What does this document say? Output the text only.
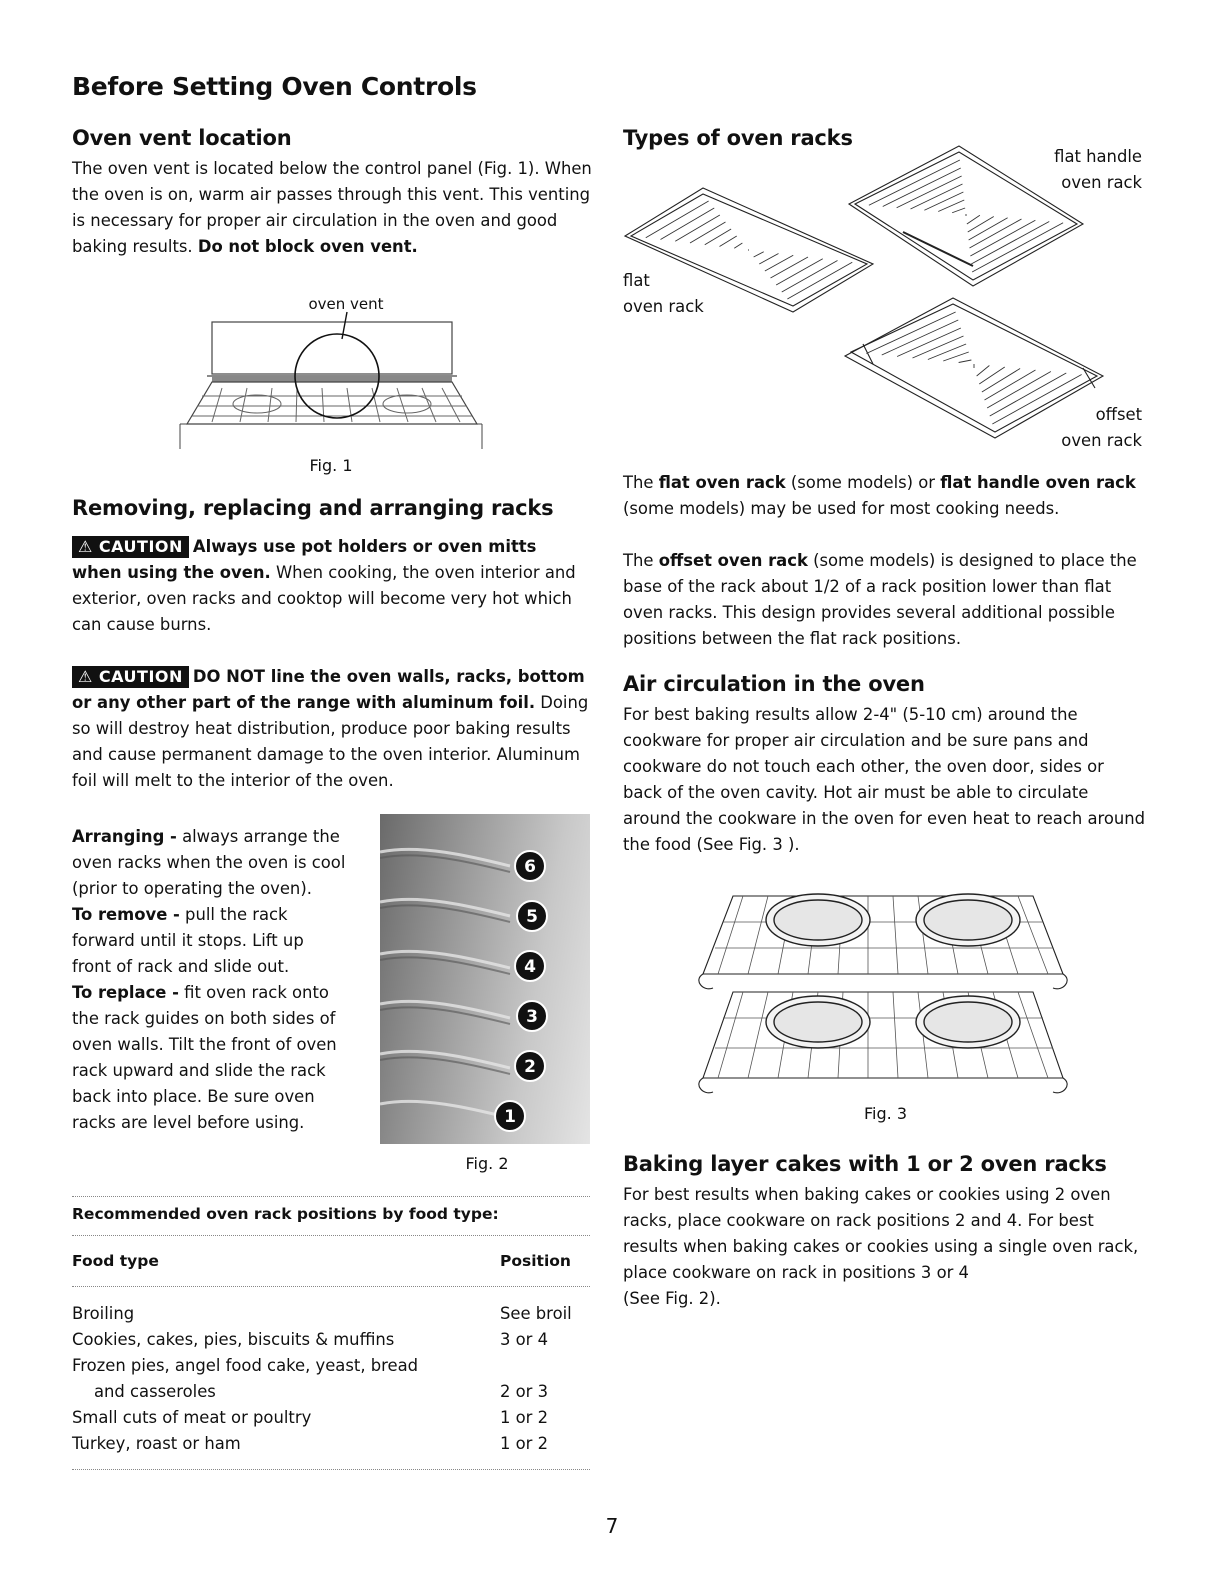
Before Setting Oven Controls
Oven vent location

The oven vent is located below the control panel (Fig. 1). When the oven is on, warm air passes through this vent. This venting is necessary for proper air circulation in the oven and good baking results. Do not block oven vent.

oven vent
Fig. 1
Removing, replacing and arranging racks

⚠ CAUTION Always use pot holders or oven mitts when using the oven. When cooking, the oven interior and exterior, oven racks and cooktop will become very hot which can cause burns.

⚠ CAUTION DO NOT line the oven walls, racks, bottom or any other part of the range with aluminum foil. Doing so will destroy heat distribution, produce poor baking results and cause permanent damage to the oven interior. Aluminum foil will melt to the interior of the oven.

Arranging - always arrange the oven racks when the oven is cool (prior to operating the oven).
To remove - pull the rack forward until it stops. Lift up front of rack and slide out.
To replace - fit oven rack onto the rack guides on both sides of oven walls. Tilt the front of oven rack upward and slide the rack back into place. Be sure oven racks are level before using.

6
5
4
3
2
1
Fig. 2
Recommended oven rack positions by food type:
Food type	Position
Broiling	See broil
Cookies, cakes, pies, biscuits & muffins	3 or 4
Frozen pies, angel food cake, yeast, bread	
and casseroles	2 or 3
Small cuts of meat or poultry	1 or 2
Turkey, roast or ham	1 or 2
Types of oven racks
flat handle
oven rack
flat
oven rack
offset
oven rack

The flat oven rack (some models) or flat handle oven rack (some models) may be used for most cooking needs.

The offset oven rack (some models) is designed to place the base of the rack about 1/2 of a rack position lower than flat oven racks. This design provides several additional possible positions between the flat rack positions.

Air circulation in the oven

For best baking results allow 2-4" (5-10 cm) around the cookware for proper air circulation and be sure pans and cookware do not touch each other, the oven door, sides or back of the oven cavity. Hot air must be able to circulate around the cookware in the oven for even heat to reach around the food (See Fig. 3 ).

Fig. 3
Baking layer cakes with 1 or 2 oven racks

For best results when baking cakes or cookies using 2 oven racks, place cookware on rack positions 2 and 4. For best results when baking cakes or cookies using a single oven rack, place cookware on rack in positions 3 or 4
(See Fig. 2).

7
